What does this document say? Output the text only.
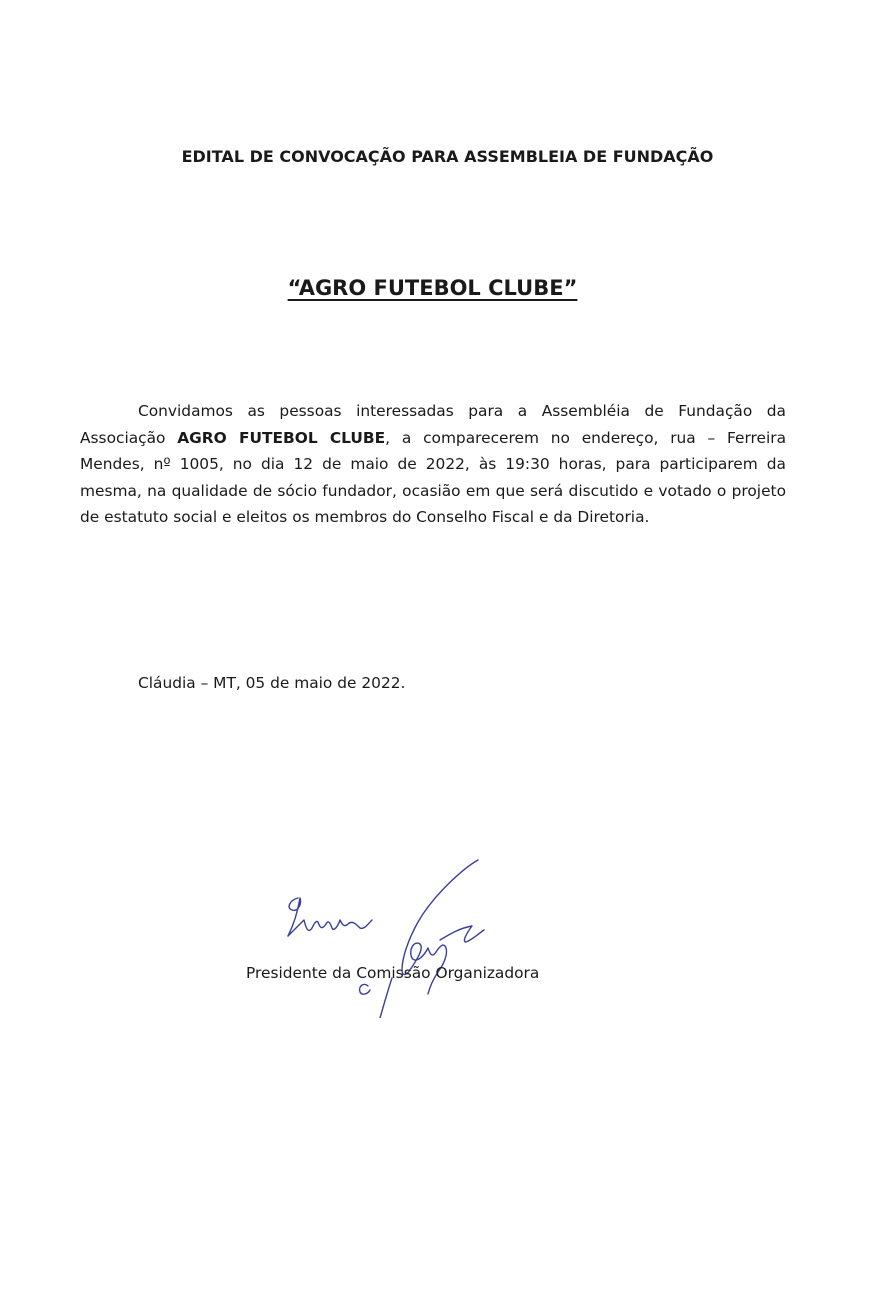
EDITAL DE CONVOCAÇÃO PARA ASSEMBLEIA DE FUNDAÇÃO
“AGRO FUTEBOL CLUBE”

Convidamos as pessoas interessadas para a Assembléia de Fundação da Associação AGRO FUTEBOL CLUBE, a comparecerem no endereço, rua – Ferreira Mendes, nº 1005, no dia 12 de maio de 2022, às 19:30 horas, para participarem da mesma, na qualidade de sócio fundador, ocasião em que será discutido e votado o projeto de estatuto social e eleitos os membros do Conselho Fiscal e da Diretoria.

Cláudia – MT, 05 de maio de 2022.
Presidente da Comissão Organizadora
